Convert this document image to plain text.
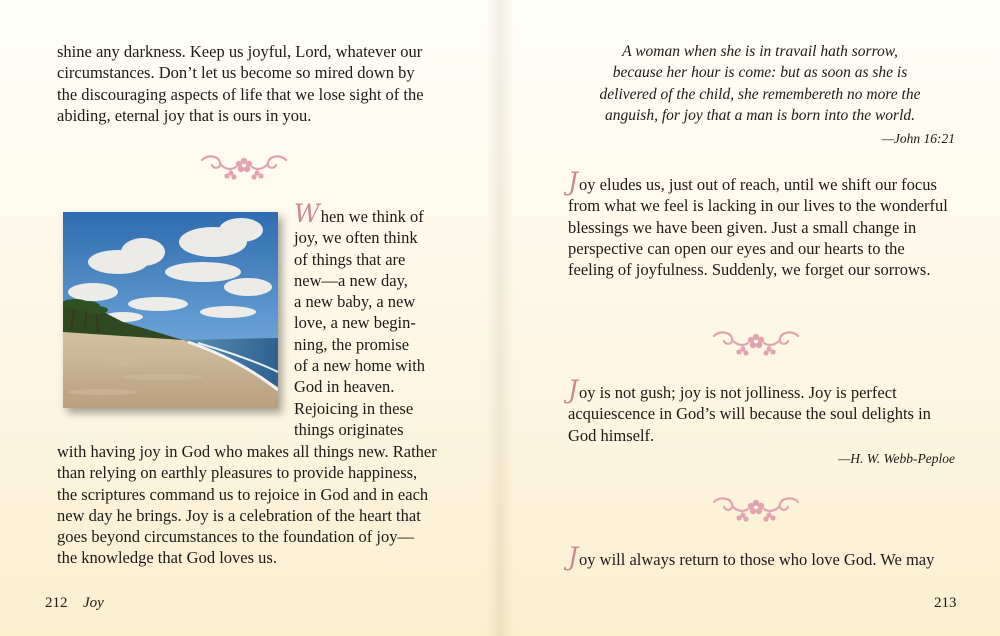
shine any darkness. Keep us joyful, Lord, whatever our
circumstances. Don’t let us become so mired down by
the discouraging aspects of life that we lose sight of the
abiding, eternal joy that is ours in you.
When we think of
joy, we often think
of things that are
new—a new day,
a new baby, a new
love, a new begin-
ning, the promise
of a new home with
God in heaven.
Rejoicing in these
things originates
with having joy in God who makes all things new. Rather
than relying on earthly pleasures to provide happiness,
the scriptures command us to rejoice in God and in each
new day he brings. Joy is a celebration of the heart that
goes beyond circumstances to the foundation of joy—
the knowledge that God loves us.
212 Joy
A woman when she is in travail hath sorrow,
because her hour is come: but as soon as she is
delivered of the child, she remembereth no more the
anguish, for joy that a man is born into the world.
—John 16:21
Joy eludes us, just out of reach, until we shift our focus
from what we feel is lacking in our lives to the wonderful
blessings we have been given. Just a small change in
perspective can open our eyes and our hearts to the
feeling of joyfulness. Suddenly, we forget our sorrows.
Joy is not gush; joy is not jolliness. Joy is perfect
acquiescence in God’s will because the soul delights in
God himself.
—H. W. Webb-Peploe
Joy will always return to those who love God. We may
213
